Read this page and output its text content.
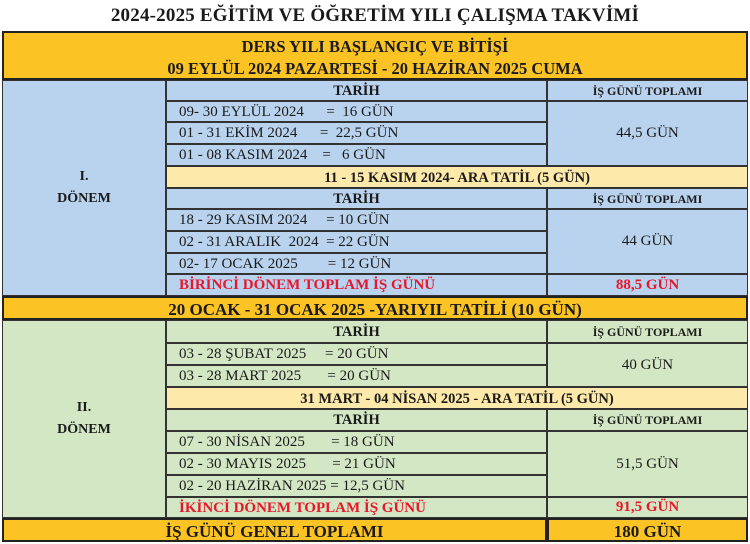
2024-2025 EĞİTİM VE ÖĞRETİM YILI ÇALIŞMA TAKVİMİ
DERS YILI BAŞLANGIÇ VE BİTİŞİ
09 EYLÜL 2024 PAZARTESİ - 20 HAZİRAN 2025 CUMA
I.
DÖNEM
TARİH	İŞ GÜNÜ TOPLAMI
09- 30 EYLÜL 2024      =  16 GÜN
01 - 31 EKİM 2024      =  22,5 GÜN
01 - 08 KASIM 2024    =   6 GÜN
44,5 GÜN
11 - 15 KASIM 2024- ARA TATİL (5 GÜN)
TARİH	İŞ GÜNÜ TOPLAMI
18 - 29 KASIM 2024     = 10 GÜN
02 - 31 ARALIK  2024  = 22 GÜN
02- 17 OCAK 2025        = 12 GÜN
44 GÜN
BİRİNCİ DÖNEM TOPLAM İŞ GÜNÜ	88,5 GÜN
20 OCAK - 31 OCAK 2025 -YARIYIL TATİLİ (10 GÜN)
II.
DÖNEM
TARİH	İŞ GÜNÜ TOPLAMI
03 - 28 ŞUBAT 2025     = 20 GÜN
03 - 28 MART 2025       = 20 GÜN
40 GÜN
31 MART - 04 NİSAN 2025 - ARA TATİL (5 GÜN)
TARİH	İŞ GÜNÜ TOPLAMI
07 - 30 NİSAN 2025       = 18 GÜN
02 - 30 MAYIS 2025       = 21 GÜN
02 - 20 HAZİRAN 2025 = 12,5 GÜN
51,5 GÜN
İKİNCİ DÖNEM TOPLAM İŞ GÜNÜ	91,5 GÜN
İŞ GÜNÜ GENEL TOPLAMI	180 GÜN
